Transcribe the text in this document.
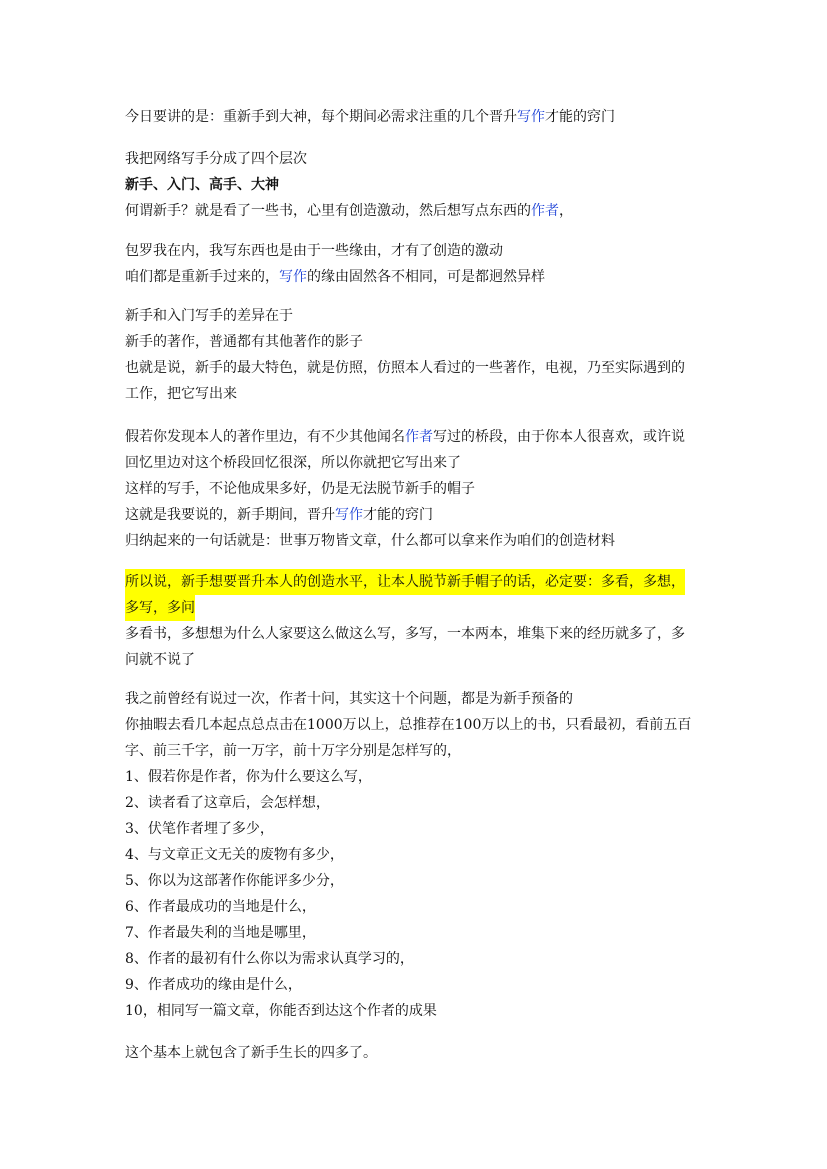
今日要讲的是：重新手到大神，每个期间必需求注重的几个晋升写作才能的窍门
我把网络写手分成了四个层次
新手、入门、高手、大神
何谓新手？就是看了一些书，心里有创造激动，然后想写点东西的作者，
包罗我在内，我写东西也是由于一些缘由，才有了创造的激动
咱们都是重新手过来的，写作的缘由固然各不相同，可是都迥然异样
新手和入门写手的差异在于
新手的著作，普通都有其他著作的影子
也就是说，新手的最大特色，就是仿照，仿照本人看过的一些著作，电视，乃至实际遇到的
工作，把它写出来
假若你发现本人的著作里边，有不少其他闻名作者写过的桥段，由于你本人很喜欢，或许说
回忆里边对这个桥段回忆很深，所以你就把它写出来了
这样的写手，不论他成果多好，仍是无法脱节新手的帽子
这就是我要说的，新手期间，晋升写作才能的窍门
归纳起来的一句话就是：世事万物皆文章，什么都可以拿来作为咱们的创造材料
所以说，新手想要晋升本人的创造水平，让本人脱节新手帽子的话，必定要：多看，多想，
多写，多问
多看书，多想想为什么人家要这么做这么写，多写，一本两本，堆集下来的经历就多了，多
问就不说了
我之前曾经有说过一次，作者十问，其实这十个问题，都是为新手预备的
你抽暇去看几本起点总点击在1000万以上，总推荐在100万以上的书，只看最初，看前五百
字、前三千字，前一万字，前十万字分别是怎样写的，
1、假若你是作者，你为什么要这么写，
2、读者看了这章后，会怎样想，
3、伏笔作者埋了多少，
4、与文章正文无关的废物有多少，
5、你以为这部著作你能评多少分，
6、作者最成功的当地是什么，
7、作者最失利的当地是哪里，
8、作者的最初有什么你以为需求认真学习的，
9、作者成功的缘由是什么，
10，相同写一篇文章，你能否到达这个作者的成果
这个基本上就包含了新手生长的四多了。
